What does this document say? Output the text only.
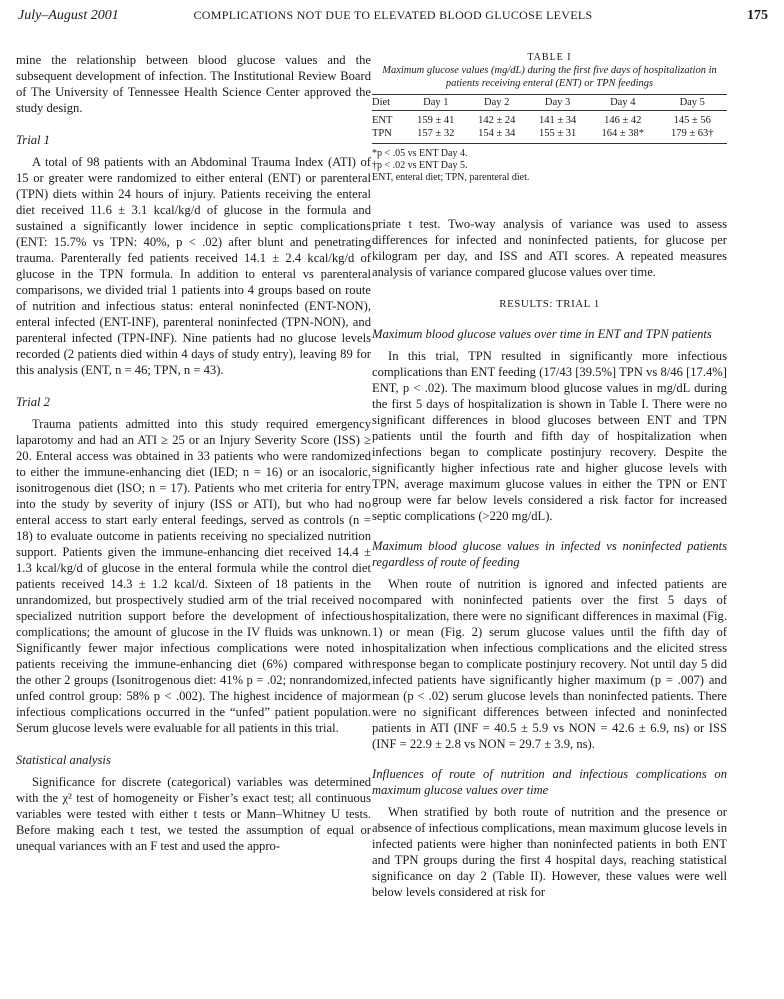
July–August 2001	COMPLICATIONS NOT DUE TO ELEVATED BLOOD GLUCOSE LEVELS	175

mine the relationship between blood glucose values and the subsequent development of infection. The Institutional Review Board of The University of Tennessee Health Science Center approved the study design.

Trial 1

A total of 98 patients with an Abdominal Trauma Index (ATI) of 15 or greater were randomized to either enteral (ENT) or parenteral (TPN) diets within 24 hours of injury. Patients receiving the enteral diet received 11.6 ± 3.1 kcal/kg/d of glucose in the formula and sustained a significantly lower incidence in septic complications (ENT: 15.7% vs TPN: 40%, p < .02) after blunt and penetrating trauma. Parenterally fed patients received 14.1 ± 2.4 kcal/kg/d of glucose in the TPN formula. In addition to enteral vs parenteral comparisons, we divided trial 1 patients into 4 groups based on route of nutrition and infectious status: enteral noninfected (ENT-NON), enteral infected (ENT-INF), parenteral noninfected (TPN-NON), and parenteral infected (TPN-INF). Nine patients had no glucose levels recorded (2 patients died within 4 days of study entry), leaving 89 for this analysis (ENT, n = 46; TPN, n = 43).

Trial 2

Trauma patients admitted into this study required emergency laparotomy and had an ATI ≥ 25 or an Injury Severity Score (ISS) ≥ 20. Enteral access was obtained in 33 patients who were randomized to either the immune-enhancing diet (IED; n = 16) or an isocaloric, isonitrogenous diet (ISO; n = 17). Patients who met criteria for entry into the study by severity of injury (ISS or ATI), but who had no enteral access to start early enteral feedings, served as controls (n = 18) to evaluate outcome in patients receiving no specialized nutrition support. Patients given the immune-enhancing diet received 14.4 ± 1.3 kcal/kg/d of glucose in the enteral formula while the control diet patients received 14.3 ± 1.2 kcal/d. Sixteen of 18 patients in the unrandomized, but prospectively studied arm of the trial received no specialized nutrition support before the development of infectious complications; the amount of glucose in the IV fluids was unknown. Significantly fewer major infectious complications were noted in patients receiving the immune-enhancing diet (6%) compared with the other 2 groups (Isonitrogenous diet: 41% p = .02; nonrandomized, unfed control group: 58% p < .002). The highest incidence of major infectious complications occurred in the “unfed” patient population. Serum glucose levels were evaluable for all patients in this trial.

Statistical analysis

Significance for discrete (categorical) variables was determined with the χ² test of homogeneity or Fisher’s exact test; all continuous variables were tested with either t tests or Mann–Whitney U tests. Before making each t test, we tested the assumption of equal or unequal variances with an F test and used the appro-

TABLE I
Maximum glucose values (mg/dL) during the first five days of hospitalization in patients receiving enteral (ENT) or TPN feedings
Diet	Day 1	Day 2	Day 3	Day 4	Day 5
ENT	159 ± 41	142 ± 24	141 ± 34	146 ± 42	145 ± 56
TPN	157 ± 32	154 ± 34	155 ± 31	164 ± 38*	179 ± 63†
*p < .05 vs ENT Day 4.
†p < .02 vs ENT Day 5.
ENT, enteral diet; TPN, parenteral diet.

priate t test. Two-way analysis of variance was used to assess differences for infected and noninfected patients, for glucose per kilogram per day, and ISS and ATI scores. A repeated measures analysis of variance compared glucose values over time.

RESULTS: TRIAL 1
Maximum blood glucose values over time in ENT and TPN patients

In this trial, TPN resulted in significantly more infectious complications than ENT feeding (17/43 [39.5%] TPN vs 8/46 [17.4%] ENT, p < .02). The maximum blood glucose values in mg/dL during the first 5 days of hospitalization is shown in Table I. There were no significant differences in blood glucoses between ENT and TPN patients until the fourth and fifth day of hospitalization when infections began to complicate postinjury recovery. Despite the significantly higher infectious rate and higher glucose levels with TPN, average maximum glucose values in either the TPN or ENT group were far below levels considered a risk factor for increased septic complications (>220 mg/dL).

Maximum blood glucose values in infected vs noninfected patients regardless of route of feeding

When route of nutrition is ignored and infected patients are compared with noninfected patients over the first 5 days of hospitalization, there were no significant differences in maximal (Fig. 1) or mean (Fig. 2) serum glucose values until the fifth day of hospitalization when infectious complications and the elicited stress response began to complicate postinjury recovery. Not until day 5 did infected patients have significantly higher maximum (p = .007) and mean (p < .02) serum glucose levels than noninfected patients. There were no significant differences between infected and noninfected patients in ATI (INF = 40.5 ± 5.9 vs NON = 42.6 ± 6.9, ns) or ISS (INF = 22.9 ± 2.8 vs NON = 29.7 ± 3.9, ns).

Influences of route of nutrition and infectious complications on maximum glucose values over time

When stratified by both route of nutrition and the presence or absence of infectious complications, mean maximum glucose levels in infected patients were higher than noninfected patients in both ENT and TPN groups during the first 4 hospital days, reaching statistical significance on day 2 (Table II). However, these values were well below levels considered at risk for
